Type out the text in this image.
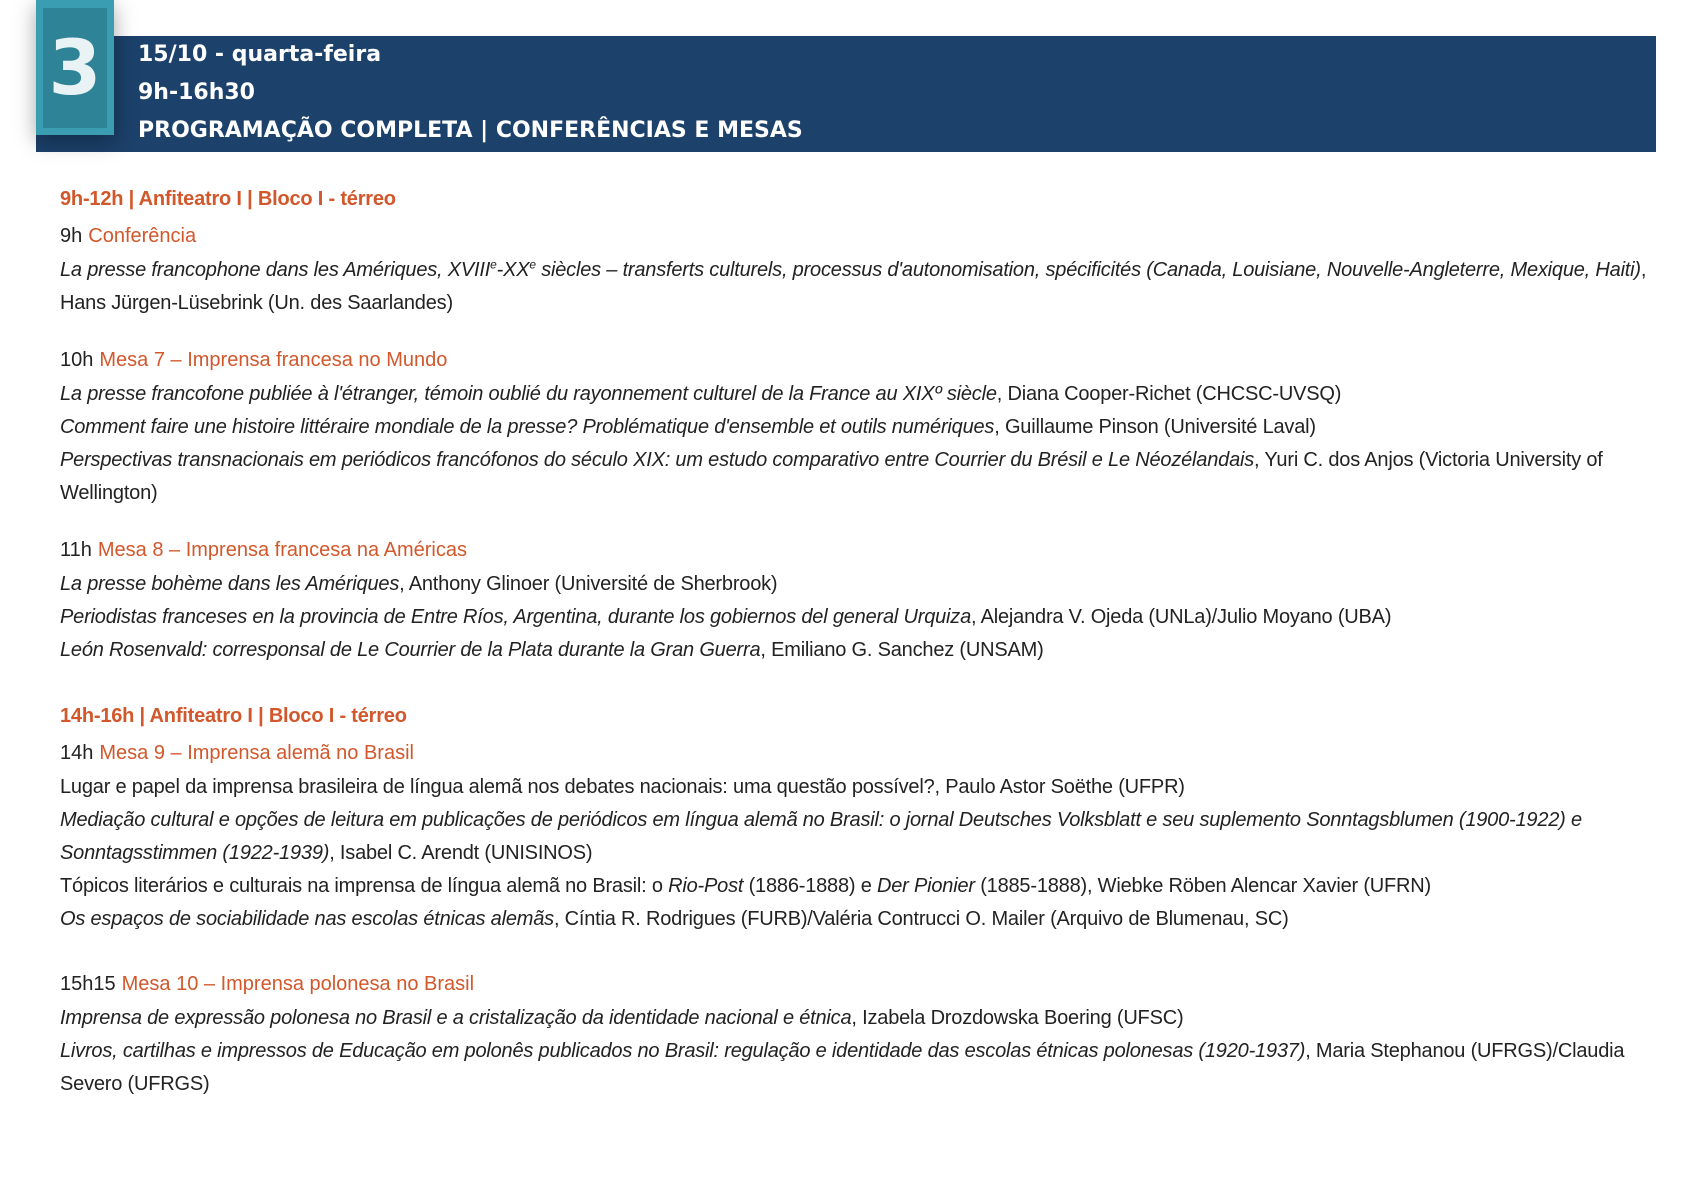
3 15/10 - quarta-feira
9h-16h30
PROGRAMAÇÃO COMPLETA | CONFERÊNCIAS E MESAS
9h-12h | Anfiteatro I | Bloco I - térreo
9h Conferência
La presse francophone dans les Amériques, XVIIIe-XXe siècles – transferts culturels, processus d'autonomisation, spécificités (Canada, Louisiane, Nouvelle-Angleterre, Mexique, Haiti), Hans Jürgen-Lüsebrink (Un. des Saarlandes)
10h Mesa 7 – Imprensa francesa no Mundo
La presse francofone publiée à l'étranger, témoin oublié du rayonnement culturel de la France au XIXº siècle, Diana Cooper-Richet (CHCSC-UVSQ)
Comment faire une histoire littéraire mondiale de la presse? Problématique d'ensemble et outils numériques, Guillaume Pinson (Université Laval)
Perspectivas transnacionais em periódicos francófonos do século XIX: um estudo comparativo entre Courrier du Brésil e Le Néozélandais, Yuri C. dos Anjos (Victoria University of Wellington)
11h Mesa 8 – Imprensa francesa na Américas
La presse bohème dans les Amériques, Anthony Glinoer (Université de Sherbrook)
Periodistas franceses en la provincia de Entre Ríos, Argentina, durante los gobiernos del general Urquiza, Alejandra V. Ojeda (UNLa)/Julio Moyano (UBA)
León Rosenvald: corresponsal de Le Courrier de la Plata durante la Gran Guerra, Emiliano G. Sanchez (UNSAM)
14h-16h | Anfiteatro I | Bloco I - térreo
14h Mesa 9 – Imprensa alemã no Brasil
Lugar e papel da imprensa brasileira de língua alemã nos debates nacionais: uma questão possível?, Paulo Astor Soëthe (UFPR)
Mediação cultural e opções de leitura em publicações de periódicos em língua alemã no Brasil: o jornal Deutsches Volksblatt e seu suplemento Sonntagsblumen (1900-1922) e Sonntagsstimmen (1922-1939), Isabel C. Arendt (UNISINOS)
Tópicos literários e culturais na imprensa de língua alemã no Brasil: o Rio-Post (1886-1888) e Der Pionier (1885-1888), Wiebke Röben Alencar Xavier (UFRN)
Os espaços de sociabilidade nas escolas étnicas alemãs, Cíntia R. Rodrigues (FURB)/Valéria Contrucci O. Mailer (Arquivo de Blumenau, SC)
15h15 Mesa 10 – Imprensa polonesa no Brasil
Imprensa de expressão polonesa no Brasil e a cristalização da identidade nacional e étnica, Izabela Drozdowska Boering (UFSC)
Livros, cartilhas e impressos de Educação em polonês publicados no Brasil: regulação e identidade das escolas étnicas polonesas (1920-1937), Maria Stephanou (UFRGS)/Claudia Severo (UFRGS)
